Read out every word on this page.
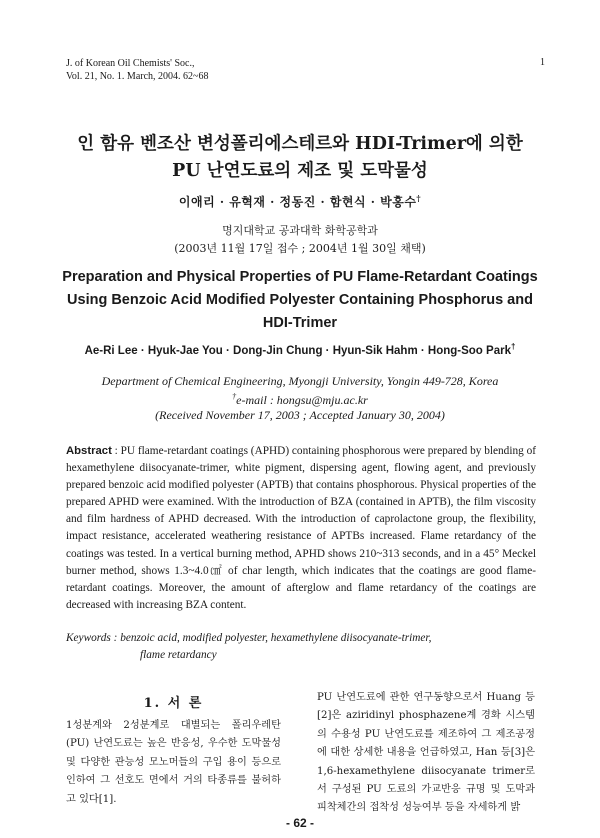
J. of Korean Oil Chemists' Soc.,
Vol. 21, No. 1. March, 2004. 62~68
1
인 함유 벤조산 변성폴리에스테르와 HDI-Trimer에 의한
PU 난연도료의 제조 및 도막물성
이애리 · 유혁재 · 정동진 · 함현식 · 박홍수†
명지대학교 공과대학 화학공학과
(2003년 11월 17일 접수 ; 2004년 1월 30일 채택)
Preparation and Physical Properties of PU Flame-Retardant Coatings
Using Benzoic Acid Modified Polyester Containing Phosphorus and
HDI-Trimer
Ae-Ri Lee · Hyuk-Jae You · Dong-Jin Chung · Hyun-Sik Hahm · Hong-Soo Park†
Department of Chemical Engineering, Myongji University, Yongin 449-728, Korea
†e-mail : hongsu@mju.ac.kr
(Received November 17, 2003 ; Accepted January 30, 2004)
Abstract : PU flame-retardant coatings (APHD) containing phosphorous were prepared by blending of hexamethylene diisocyanate-trimer, white pigment, dispersing agent, flowing agent, and previously prepared benzoic acid modified polyester (APTB) that contains phosphorous. Physical properties of the prepared APHD were examined. With the introduction of BZA (contained in APTB), the film viscosity and film hardness of APHD decreased. With the introduction of caprolactone group, the flexibility, impact resistance, accelerated weathering resistance of APTBs increased. Flame retardancy of the coatings was tested. In a vertical burning method, APHD shows 210~313 seconds, and in a 45° Meckel burner method, shows 1.3~4.0㎠ of char length, which indicates that the coatings are good flame-retardant coatings. Moreover, the amount of afterglow and flame retardancy of the coatings are decreased with increasing BZA content.
Keywords : benzoic acid, modified polyester, hexamethylene diisocyanate-trimer,
flame retardancy
1. 서 론
1성분계와 2성분계로 대별되는 폴리우레탄 (PU) 난연도료는 높은 반응성, 우수한 도막물성 및 다양한 관능성 모노머들의 구입 용이 등으로 인하여 그 선호도 면에서 거의 타종류를 불허하고 있다[1].
PU 난연도료에 관한 연구동향으로서 Huang 등[2]은 aziridinyl phosphazene계 경화 시스템의 수용성 PU 난연도료를 제조하여 그 제조공정에 대한 상세한 내용을 언급하였고, Han 등[3]은 1,6-hexamethylene diisocyanate trimer로서 구성된 PU 도료의 가교반응 규명 및 도막과 피착체간의 접착성 성능여부 등을 자세하게 밝
- 62 -
